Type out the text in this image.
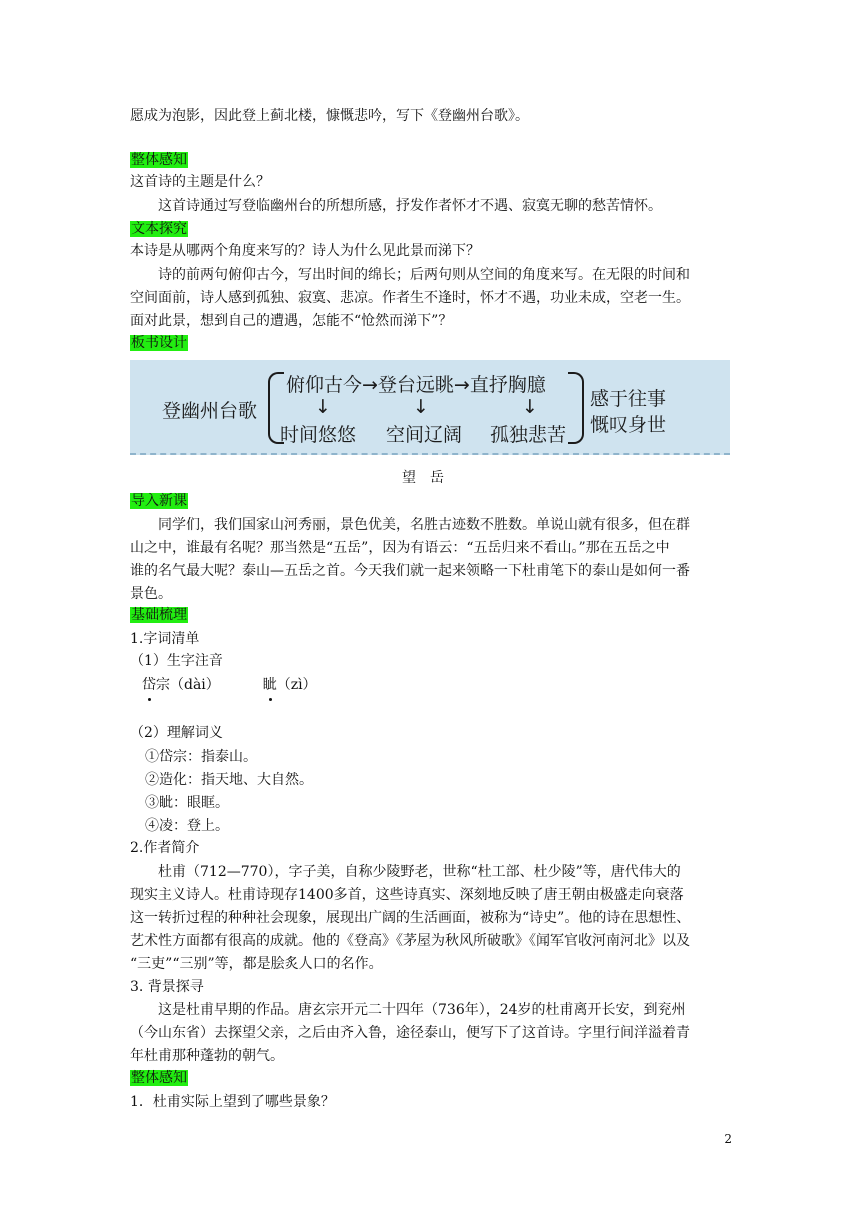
愿成为泡影，因此登上蓟北楼，慷慨悲吟，写下《登幽州台歌》。
整体感知
这首诗的主题是什么？
这首诗通过写登临幽州台的所想所感，抒发作者怀才不遇、寂寞无聊的愁苦情怀。
文本探究
本诗是从哪两个角度来写的？诗人为什么见此景而涕下？
诗的前两句俯仰古今，写出时间的绵长；后两句则从空间的角度来写。在无限的时间和
空间面前，诗人感到孤独、寂寞、悲凉。作者生不逢时，怀才不遇，功业未成，空老一生。
面对此景，想到自己的遭遇，怎能不“怆然而涕下”？
板书设计
登幽州台歌
俯仰古今→登台远眺→直抒胸臆
↓	↓	↓
时间悠悠 空间辽阔 孤独悲苦
感于往事
慨叹身世
望岳
导入新课
同学们，我们国家山河秀丽，景色优美，名胜古迹数不胜数。单说山就有很多，但在群
山之中，谁最有名呢？那当然是“五岳”，因为有语云：“五岳归来不看山。”那在五岳之中
谁的名气最大呢？泰山—五岳之首。今天我们就一起来领略一下杜甫笔下的泰山是如何一番
景色。
基础梳理
1.字词清单
（1）生字注音
岱宗（dài）	眦（zì）
（2）理解词义
①岱宗：指泰山。
②造化：指天地、大自然。
③眦：眼眶。
④凌：登上。
2.作者简介
杜甫（712—770），字子美，自称少陵野老，世称“杜工部、杜少陵”等，唐代伟大的
现实主义诗人。杜甫诗现存1400多首，这些诗真实、深刻地反映了唐王朝由极盛走向衰落
这一转折过程的种种社会现象，展现出广阔的生活画面，被称为“诗史”。他的诗在思想性、
艺术性方面都有很高的成就。他的《登高》《茅屋为秋风所破歌》《闻军官收河南河北》以及
“三吏”“三别”等，都是脍炙人口的名作。
3. 背景探寻
这是杜甫早期的作品。唐玄宗开元二十四年（736年），24岁的杜甫离开长安，到兖州
（今山东省）去探望父亲，之后由齐入鲁，途径泰山，便写下了这首诗。字里行间洋溢着青
年杜甫那种蓬勃的朝气。
整体感知
1．杜甫实际上望到了哪些景象？
2
